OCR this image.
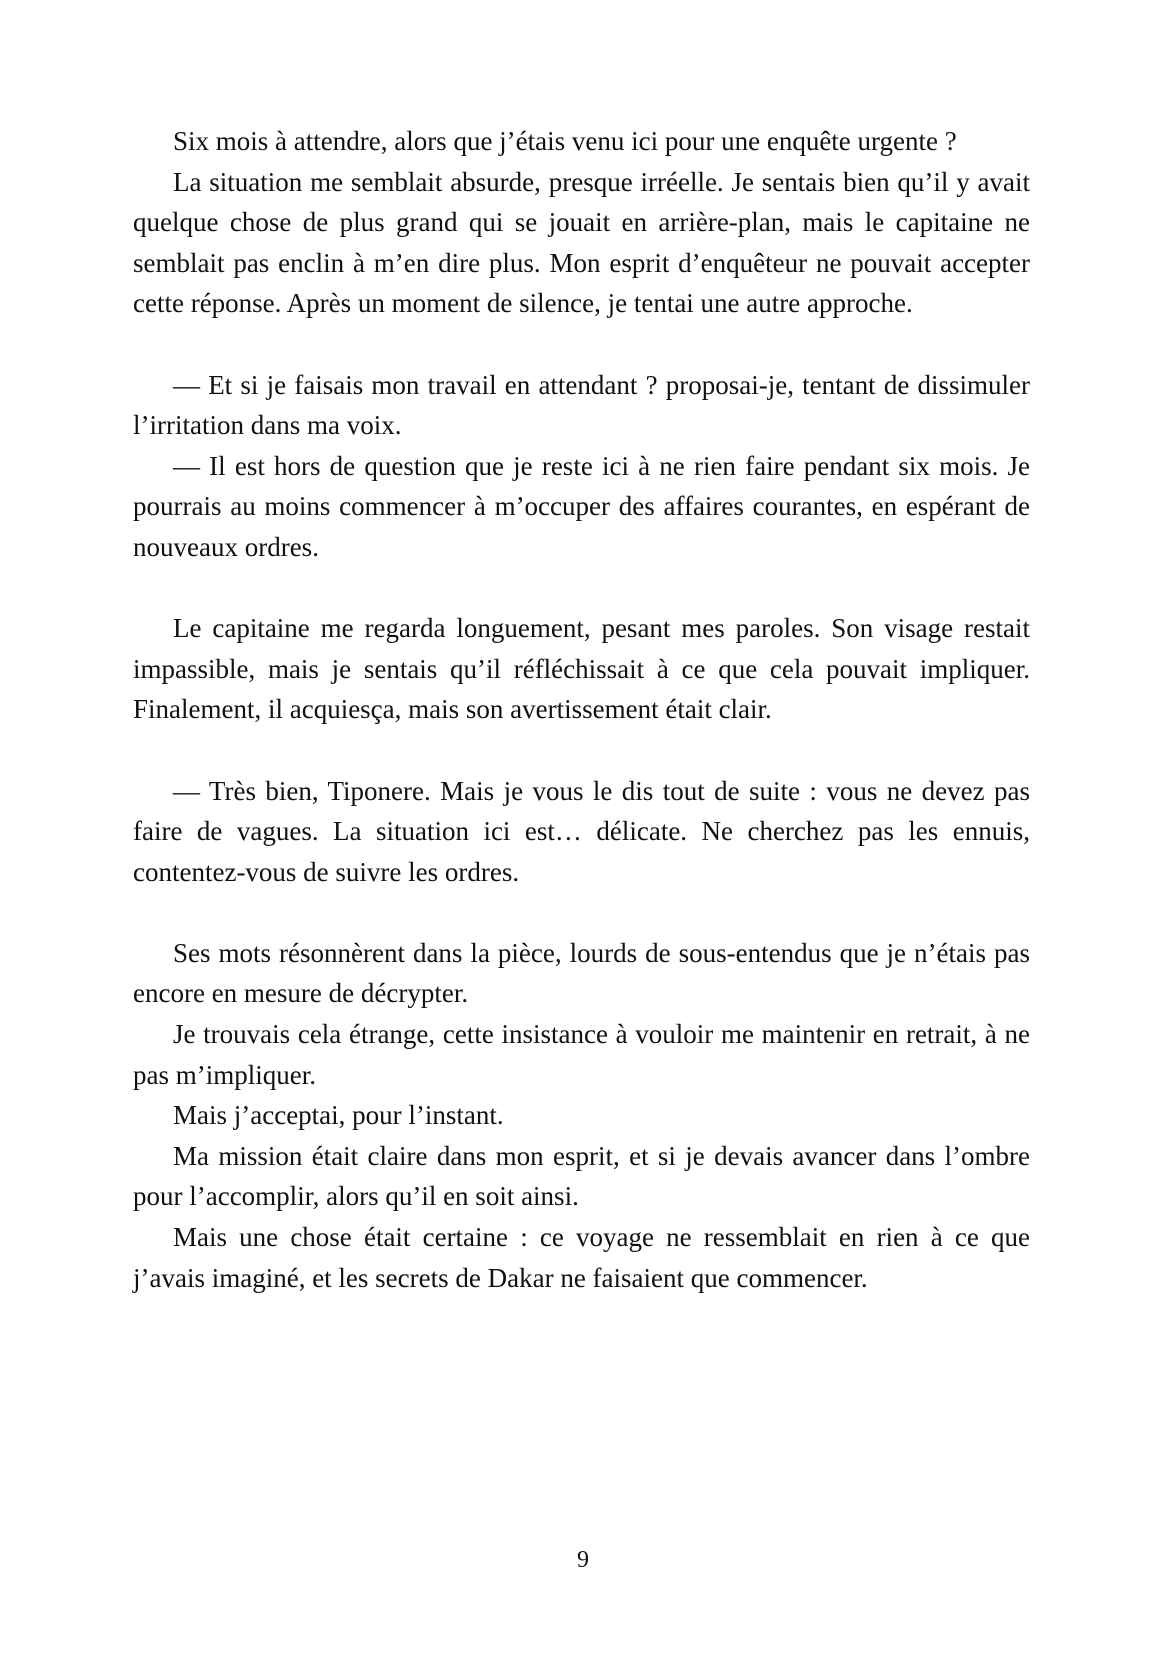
Six mois à attendre, alors que j’étais venu ici pour une enquête urgente ?

La situation me semblait absurde, presque irréelle. Je sentais bien qu’il y avait quelque chose de plus grand qui se jouait en arrière-plan, mais le capitaine ne semblait pas enclin à m’en dire plus. Mon esprit d’enquêteur ne pouvait accepter cette réponse. Après un moment de silence, je tentai une autre approche.

— Et si je faisais mon travail en attendant ? proposai-je, tentant de dissimuler l’irritation dans ma voix.

— Il est hors de question que je reste ici à ne rien faire pendant six mois. Je pourrais au moins commencer à m’occuper des affaires courantes, en espérant de nouveaux ordres.

Le capitaine me regarda longuement, pesant mes paroles. Son visage restait impassible, mais je sentais qu’il réfléchissait à ce que cela pouvait impliquer. Finalement, il acquiesça, mais son avertissement était clair.

— Très bien, Tiponere. Mais je vous le dis tout de suite : vous ne devez pas faire de vagues. La situation ici est… délicate. Ne cherchez pas les ennuis, contentez-vous de suivre les ordres.

Ses mots résonnèrent dans la pièce, lourds de sous-entendus que je n’étais pas encore en mesure de décrypter.

Je trouvais cela étrange, cette insistance à vouloir me maintenir en retrait, à ne pas m’impliquer.

Mais j’acceptai, pour l’instant.

Ma mission était claire dans mon esprit, et si je devais avancer dans l’ombre pour l’accomplir, alors qu’il en soit ainsi.

Mais une chose était certaine : ce voyage ne ressemblait en rien à ce que j’avais imaginé, et les secrets de Dakar ne faisaient que commencer.

9
